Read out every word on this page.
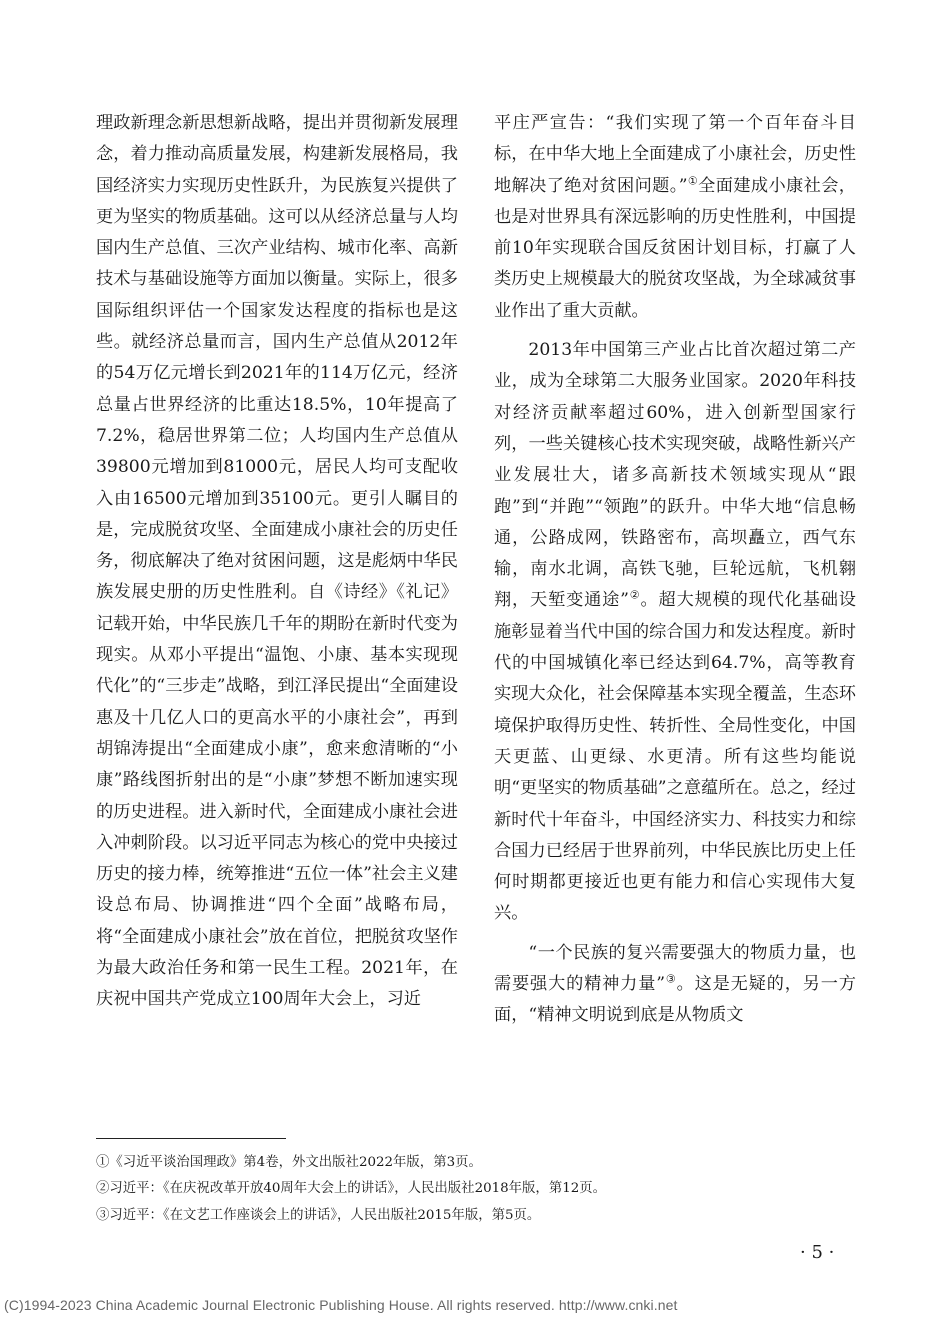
理政新理念新思想新战略，提出并贯彻新发展理念，着力推动高质量发展，构建新发展格局，我国经济实力实现历史性跃升，为民族复兴提供了更为坚实的物质基础。这可以从经济总量与人均国内生产总值、三次产业结构、城市化率、高新技术与基础设施等方面加以衡量。实际上，很多国际组织评估一个国家发达程度的指标也是这些。就经济总量而言，国内生产总值从2012年的54万亿元增长到2021年的114万亿元，经济总量占世界经济的比重达18.5%，10年提高了7.2%，稳居世界第二位；人均国内生产总值从39800元增加到81000元，居民人均可支配收入由16500元增加到35100元。更引人瞩目的是，完成脱贫攻坚、全面建成小康社会的历史任务，彻底解决了绝对贫困问题，这是彪炳中华民族发展史册的历史性胜利。自《诗经》《礼记》记载开始，中华民族几千年的期盼在新时代变为现实。从邓小平提出“温饱、小康、基本实现现代化”的“三步走”战略，到江泽民提出“全面建设惠及十几亿人口的更高水平的小康社会”，再到胡锦涛提出“全面建成小康”，愈来愈清晰的“小康”路线图折射出的是“小康”梦想不断加速实现的历史进程。进入新时代，全面建成小康社会进入冲刺阶段。以习近平同志为核心的党中央接过历史的接力棒，统筹推进“五位一体”社会主义建设总布局、协调推进“四个全面”战略布局，将“全面建成小康社会”放在首位，把脱贫攻坚作为最大政治任务和第一民生工程。2021年，在庆祝中国共产党成立100周年大会上，习近

平庄严宣告：“我们实现了第一个百年奋斗目标，在中华大地上全面建成了小康社会，历史性地解决了绝对贫困问题。”①全面建成小康社会，也是对世界具有深远影响的历史性胜利，中国提前10年实现联合国反贫困计划目标，打赢了人类历史上规模最大的脱贫攻坚战，为全球减贫事业作出了重大贡献。

2013年中国第三产业占比首次超过第二产业，成为全球第二大服务业国家。2020年科技对经济贡献率超过60%，进入创新型国家行列，一些关键核心技术实现突破，战略性新兴产业发展壮大，诸多高新技术领域实现从“跟跑”到“并跑”“领跑”的跃升。中华大地“信息畅通，公路成网，铁路密布，高坝矗立，西气东输，南水北调，高铁飞驰，巨轮远航，飞机翱翔，天堑变通途”②。超大规模的现代化基础设施彰显着当代中国的综合国力和发达程度。新时代的中国城镇化率已经达到64.7%，高等教育实现大众化，社会保障基本实现全覆盖，生态环境保护取得历史性、转折性、全局性变化，中国天更蓝、山更绿、水更清。所有这些均能说明“更坚实的物质基础”之意蕴所在。总之，经过新时代十年奋斗，中国经济实力、科技实力和综合国力已经居于世界前列，中华民族比历史上任何时期都更接近也更有能力和信心实现伟大复兴。

“一个民族的复兴需要强大的物质力量，也需要强大的精神力量”③。这是无疑的，另一方面，“精神文明说到底是从物质文

①《习近平谈治国理政》第4卷，外文出版社2022年版，第3页。
②习近平：《在庆祝改革开放40周年大会上的讲话》，人民出版社2018年版，第12页。
③习近平：《在文艺工作座谈会上的讲话》，人民出版社2015年版，第5页。
· 5 ·
(C)1994-2023 China Academic Journal Electronic Publishing House. All rights reserved. http://www.cnki.net
